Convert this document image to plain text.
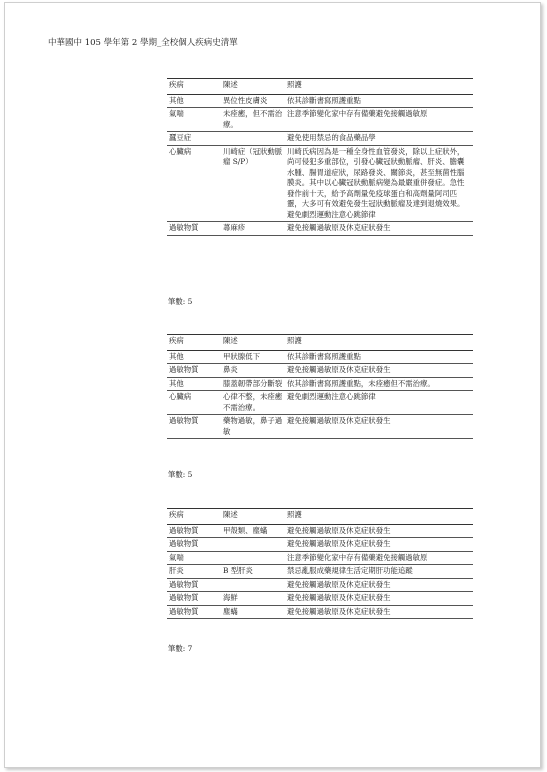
中華國中 105 學年第 2 學期_全校個人疾病史清單
疾病	陳述	照護
其他	異位性皮膚炎	依其診斷書寫照護重點
氣喘	未痊癒，但不需治療。	注意季節變化家中存有備藥避免接觸過敏原
蠶豆症		避免使用禁忌的食品藥品學
心臟病	川崎症（冠狀動脈瘤 S/P）	川崎氏病因為是一種全身性血管發炎，除以上症狀外，尚可侵犯多重部位，引發心臟冠狀動脈瘤、肝炎、膽囊水腫、腸胃道症狀，尿路發炎、關節炎，甚至無菌性腦膜炎。其中以心臟冠狀動脈病變為最嚴重併發症。急性發作前十天，給予高劑量免疫球蛋白和高劑量阿司匹靈，大多可有效避免發生冠狀動脈瘤及達到退燒效果。避免劇烈運動注意心跳節律
過敏物質	蕁麻疹	避免接觸過敏原及休克症狀發生
筆數: 5
疾病	陳述	照護
其他	甲狀腺低下	依其診斷書寫照護重點
過敏物質	鼻炎	避免接觸過敏原及休克症狀發生
其他	膝蓋韌帶部分斷裂	依其診斷書寫照護重點，未痊癒但不需治療。
心臟病	心律不整，未痊癒不需治療。	避免劇烈運動注意心跳節律
過敏物質	藥物過敏，鼻子過敏	避免接觸過敏原及休克症狀發生
筆數: 5
疾病	陳述	照護
過敏物質	甲殼類、塵蟎	避免接觸過敏原及休克症狀發生
過敏物質		避免接觸過敏原及休克症狀發生
氣喘		注意季節變化家中存有備藥避免接觸過敏原
肝炎	B 型肝炎	禁忌亂服成藥規律生活定期肝功能追蹤
過敏物質		避免接觸過敏原及休克症狀發生
過敏物質	海鮮	避免接觸過敏原及休克症狀發生
過敏物質	塵蟎	避免接觸過敏原及休克症狀發生
筆數: 7
